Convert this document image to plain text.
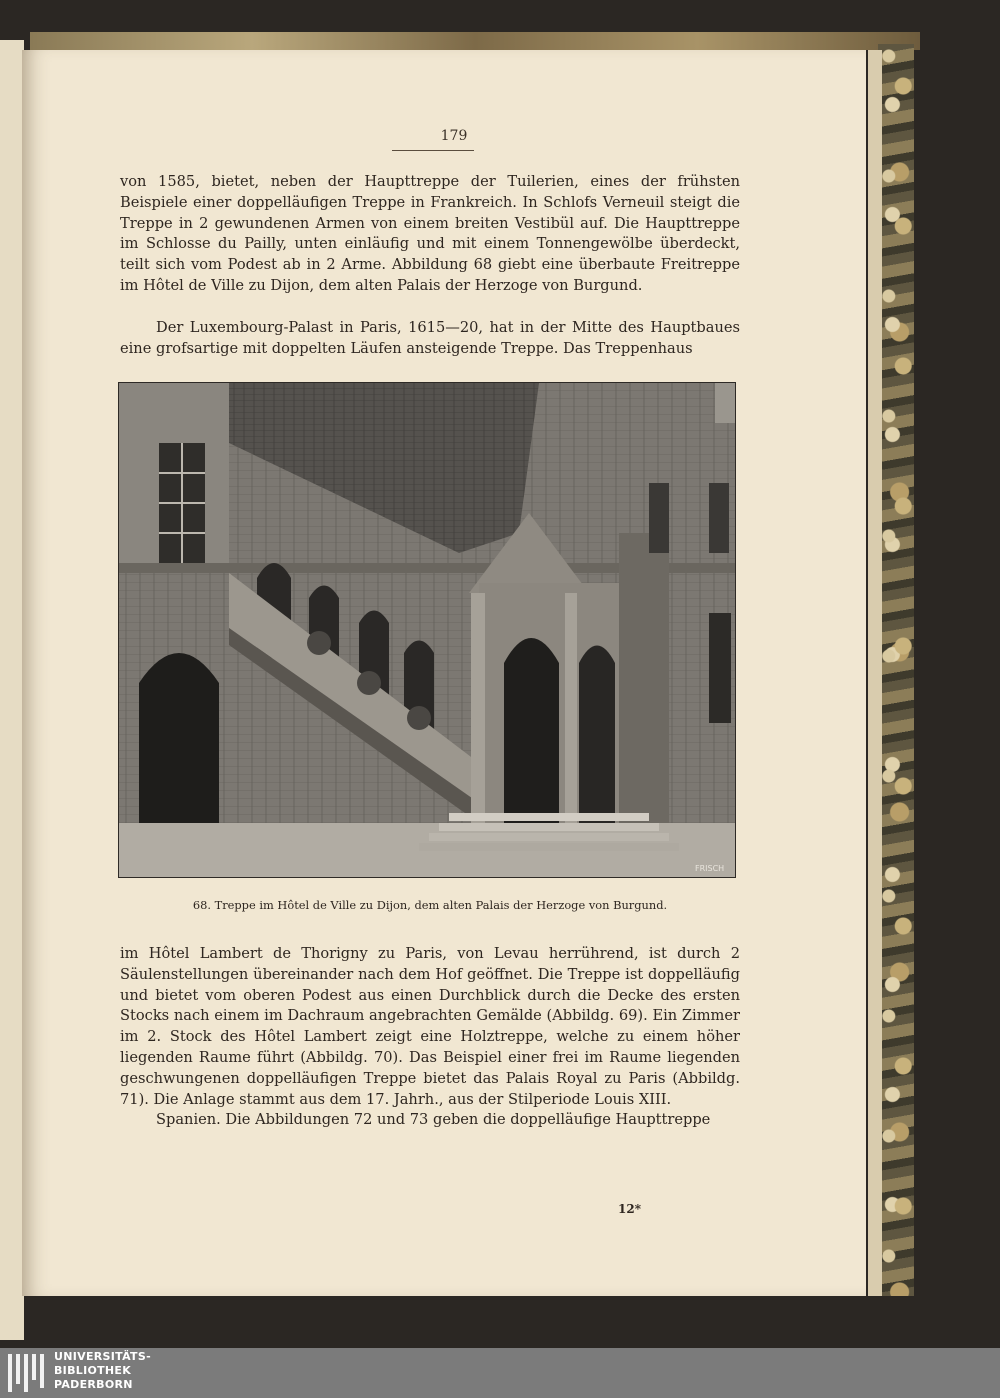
179

von 1585, bietet, neben der Haupttreppe der Tuilerien, eines der frühsten Beispiele einer doppelläufigen Treppe in Frankreich. In Schlofs Verneuil steigt die Treppe in 2 gewundenen Armen von einem breiten Vestibül auf. Die Haupttreppe im Schlosse du Pailly, unten einläufig und mit einem Tonnengewölbe überdeckt, teilt sich vom Podest ab in 2 Arme. Abbildung 68 giebt eine überbaute Freitreppe im Hôtel de Ville zu Dijon, dem alten Palais der Herzoge von Burgund.

Der Luxembourg-Palast in Paris, 1615—20, hat in der Mitte des Hauptbaues eine grofsartige mit doppelten Läufen ansteigende Treppe. Das Treppenhaus

FRISCH
68. Treppe im Hôtel de Ville zu Dijon, dem alten Palais der Herzoge von Burgund.

im Hôtel Lambert de Thorigny zu Paris, von Levau herrührend, ist durch 2 Säulenstellungen übereinander nach dem Hof geöffnet. Die Treppe ist doppelläufig und bietet vom oberen Podest aus einen Durchblick durch die Decke des ersten Stocks nach einem im Dachraum angebrachten Gemälde (Abbildg. 69). Ein Zimmer im 2. Stock des Hôtel Lambert zeigt eine Holztreppe, welche zu einem höher liegenden Raume führt (Abbildg. 70). Das Beispiel einer frei im Raume liegenden geschwungenen doppelläufigen Treppe bietet das Palais Royal zu Paris (Abbildg. 71). Die Anlage stammt aus dem 17. Jahrh., aus der Stilperiode Louis XIII.

Spanien. Die Abbildungen 72 und 73 geben die doppelläufige Haupttreppe

12*
UNIVERSITÄTS-
BIBLIOTHEK
PADERBORN
